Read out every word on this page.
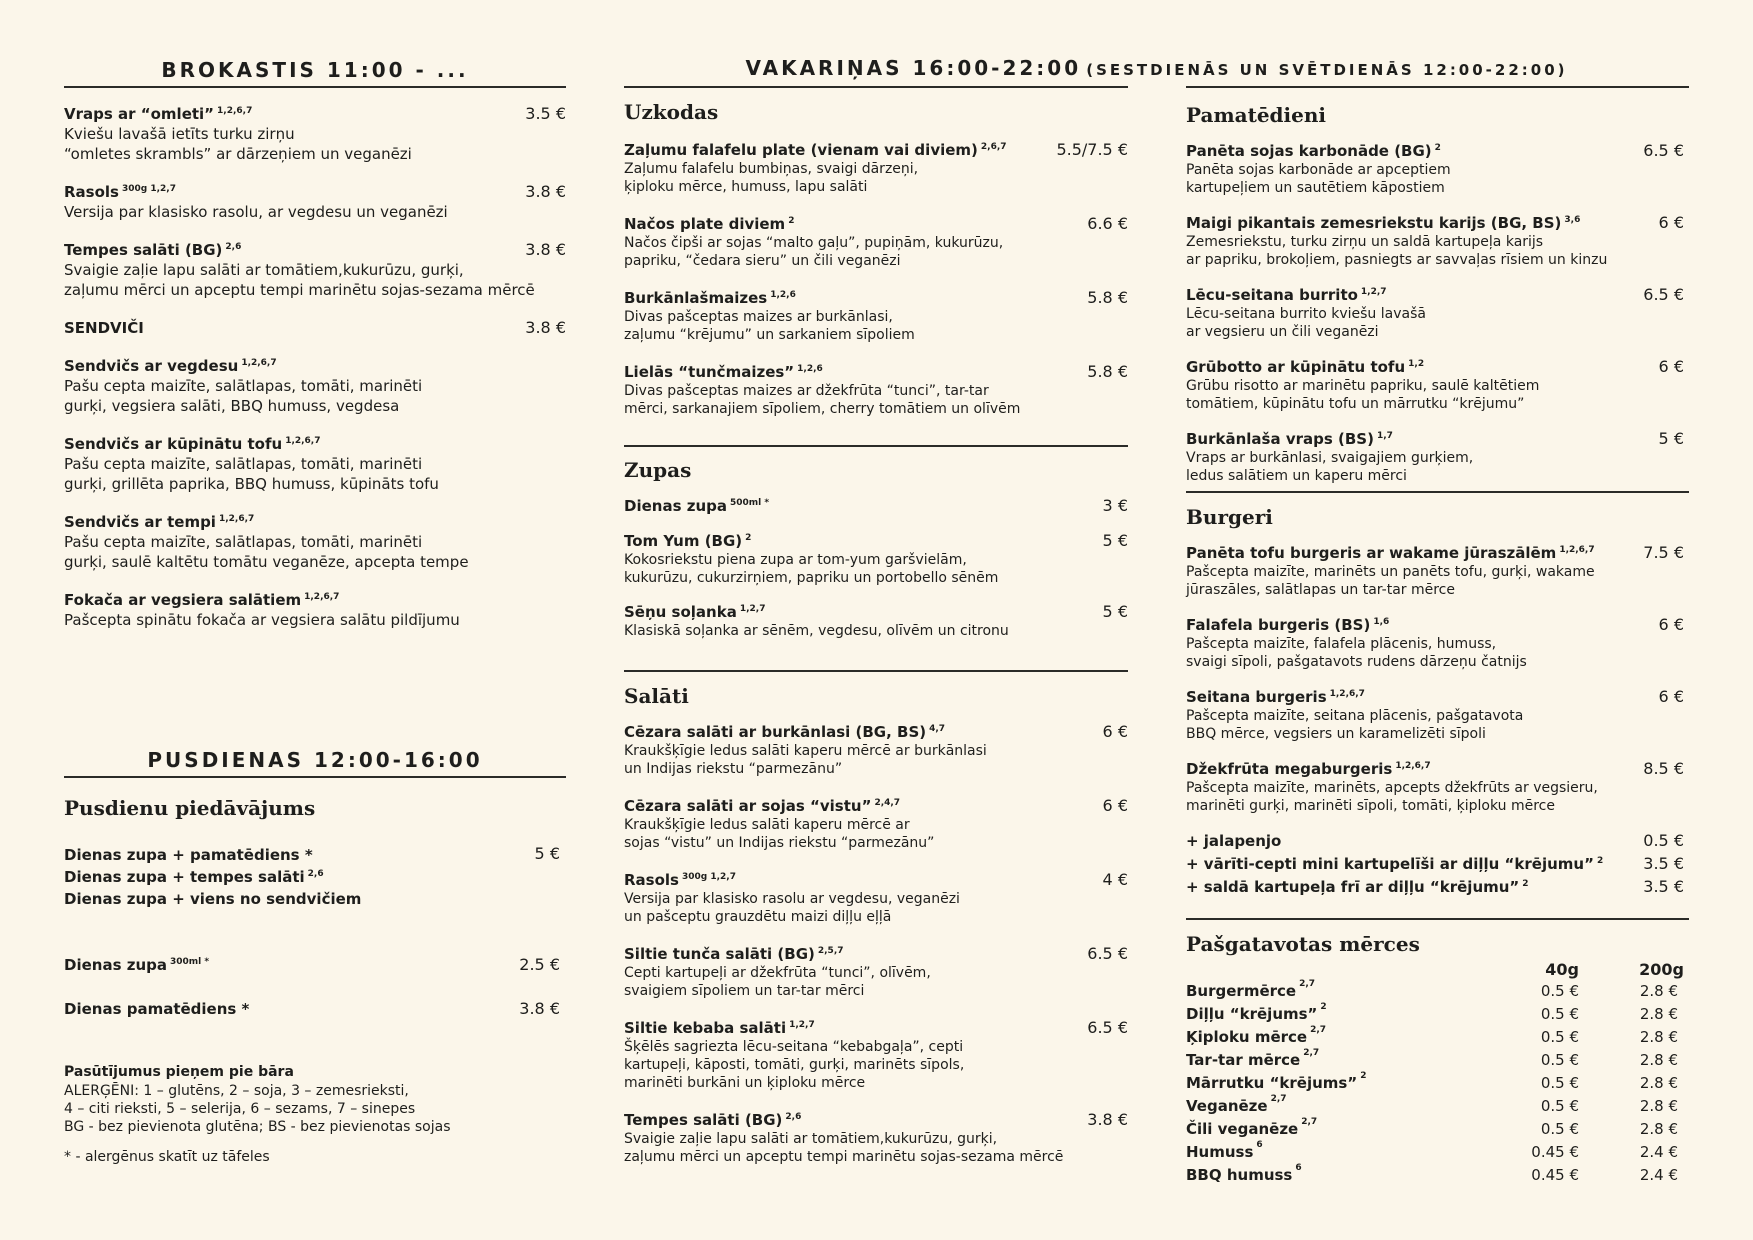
BROKASTIS 11:00 - ...
Vraps ar “omleti” $^{1,2,6,7}$	3.5 €
Kviešu lavašā ietīts turku zirņu
“omletes skrambls” ar dārzeņiem un veganēzi
Rasols $^{300g 1,2,7}$	3.8 €
Versija par klasisko rasolu, ar vegdesu un veganēzi
Tempes salāti (BG) $^{2,6}$	3.8 €
Svaigie zaļie lapu salāti ar tomātiem,kukurūzu, gurķi,
zaļumu mērci un apceptu tempi marinētu sojas-sezama mērcē
SENDVIČI	3.8 €
Sendvičs ar vegdesu $^{1,2,6,7}$
Pašu cepta maizīte, salātlapas, tomāti, marinēti
gurķi, vegsiera salāti, BBQ humuss, vegdesa
Sendvičs ar kūpinātu tofu $^{1,2,6,7}$
Pašu cepta maizīte, salātlapas, tomāti, marinēti
gurķi, grillēta paprika, BBQ humuss, kūpināts tofu
Sendvičs ar tempi $^{1,2,6,7}$
Pašu cepta maizīte, salātlapas, tomāti, marinēti
gurķi, saulē kaltētu tomātu veganēze, apcepta tempe
Fokača ar vegsiera salātiem $^{1,2,6,7}$
Pašcepta spinātu fokača ar vegsiera salātu pildījumu
PUSDIENAS 12:00-16:00
Pusdienu piedāvājums
Dienas zupa + pamatēdiens *
Dienas zupa + tempes salāti $^{2,6}$
Dienas zupa + viens no sendvičiem
5 €
Dienas zupa $^{300ml *}$	2.5 €
Dienas pamatēdiens *	3.8 €
Pasūtījumus pieņem pie bāra
ALERĢĒNI: 1 – glutēns, 2 – soja, 3 – zemesrieksti,
4 – citi rieksti, 5 – selerija, 6 – sezams, 7 – sinepes
BG - bez pievienota glutēna; BS - bez pievienotas sojas
* - alergēnus skatīt uz tāfeles
VAKARIŅAS 16:00-22:00 (SESTDIENĀS UN SVĒTDIENĀS 12:00-22:00)
Uzkodas
Zaļumu falafelu plate (vienam vai diviem) $^{2,6,7}$	5.5/7.5 €
Zaļumu falafelu bumbiņas, svaigi dārzeņi,
ķiploku mērce, humuss, lapu salāti
Načos plate diviem $^2$	6.6 €
Načos čipši ar sojas “malto gaļu”, pupiņām, kukurūzu,
papriku, “čedara sieru” un čili veganēzi
Burkānlašmaizes $^{1,2,6}$	5.8 €
Divas pašceptas maizes ar burkānlasi,
zaļumu “krējumu” un sarkaniem sīpoliem
Lielās “tunčmaizes” $^{1,2,6}$	5.8 €
Divas pašceptas maizes ar džekfrūta “tunci”, tar-tar
mērci, sarkanajiem sīpoliem, cherry tomātiem un olīvēm
Zupas
Dienas zupa $^{500ml *}$	3 €
Tom Yum (BG) $^2$	5 €
Kokosriekstu piena zupa ar tom-yum garšvielām,
kukurūzu, cukurzirņiem, papriku un portobello sēnēm
Sēņu soļanka $^{1,2,7}$	5 €
Klasiskā soļanka ar sēnēm, vegdesu, olīvēm un citronu
Salāti
Cēzara salāti ar burkānlasi (BG, BS) $^{4,7}$	6 €
Kraukšķīgie ledus salāti kaperu mērcē ar burkānlasi
un Indijas riekstu “parmezānu”
Cēzara salāti ar sojas “vistu” $^{2,4,7}$	6 €
Kraukšķīgie ledus salāti kaperu mērcē ar
sojas “vistu” un Indijas riekstu “parmezānu”
Rasols $^{300g 1,2,7}$	4 €
Versija par klasisko rasolu ar vegdesu, veganēzi
un pašceptu grauzdētu maizi diļļu eļļā
Siltie tunča salāti (BG) $^{2,5,7}$	6.5 €
Cepti kartupeļi ar džekfrūta “tunci”, olīvēm,
svaigiem sīpoliem un tar-tar mērci
Siltie kebaba salāti $^{1,2,7}$	6.5 €
Šķēlēs sagriezta lēcu-seitana “kebabgaļa”, cepti
kartupeļi, kāposti, tomāti, gurķi, marinēts sīpols,
marinēti burkāni un ķiploku mērce
Tempes salāti (BG) $^{2,6}$	3.8 €
Svaigie zaļie lapu salāti ar tomātiem,kukurūzu, gurķi,
zaļumu mērci un apceptu tempi marinētu sojas-sezama mērcē
Pamatēdieni
Panēta sojas karbonāde (BG) $^2$	6.5 €
Panēta sojas karbonāde ar apceptiem
kartupeļiem un sautētiem kāpostiem
Maigi pikantais zemesriekstu karijs (BG, BS) $^{3,6}$	6 €
Zemesriekstu, turku zirņu un saldā kartupeļa karijs
ar papriku, brokoļiem, pasniegts ar savvaļas rīsiem un kinzu
Lēcu-seitana burrito $^{1,2,7}$	6.5 €
Lēcu-seitana burrito kviešu lavašā
ar vegsieru un čili veganēzi
Grūbotto ar kūpinātu tofu $^{1,2}$	6 €
Grūbu risotto ar marinētu papriku, saulē kaltētiem
tomātiem, kūpinātu tofu un mārrutku “krējumu”
Burkānlaša vraps (BS) $^{1,7}$	5 €
Vraps ar burkānlasi, svaigajiem gurķiem,
ledus salātiem un kaperu mērci
Burgeri
Panēta tofu burgeris ar wakame jūraszālēm $^{1,2,6,7}$	7.5 €
Pašcepta maizīte, marinēts un panēts tofu, gurķi, wakame
jūraszāles, salātlapas un tar-tar mērce
Falafela burgeris (BS) $^{1,6}$	6 €
Pašcepta maizīte, falafela plācenis, humuss,
svaigi sīpoli, pašgatavots rudens dārzeņu čatnijs
Seitana burgeris $^{1,2,6,7}$	6 €
Pašcepta maizīte, seitana plācenis, pašgatavota
BBQ mērce, vegsiers un karamelizēti sīpoli
Džekfrūta megaburgeris $^{1,2,6,7}$	8.5 €
Pašcepta maizīte, marinēts, apcepts džekfrūts ar vegsieru,
marinēti gurķi, marinēti sīpoli, tomāti, ķiploku mērce
+ jalapenjo	0.5 €
+ vārīti-cepti mini kartupelīši ar diļļu “krējumu” $^2$	3.5 €
+ saldā kartupeļa frī ar diļļu “krējumu” $^2$	3.5 €
Pašgatavotas mērces
40g	200g
Burgermērce $^{2,7}$	0.5 €	2.8 €
Diļļu “krējums” $^2$	0.5 €	2.8 €
Ķiploku mērce $^{2,7}$	0.5 €	2.8 €
Tar-tar mērce $^{2,7}$	0.5 €	2.8 €
Mārrutku “krējums” $^2$	0.5 €	2.8 €
Veganēze $^{2,7}$	0.5 €	2.8 €
Čili veganēze $^{2,7}$	0.5 €	2.8 €
Humuss $^6$	0.45 €	2.4 €
BBQ humuss $^6$	0.45 €	2.4 €
